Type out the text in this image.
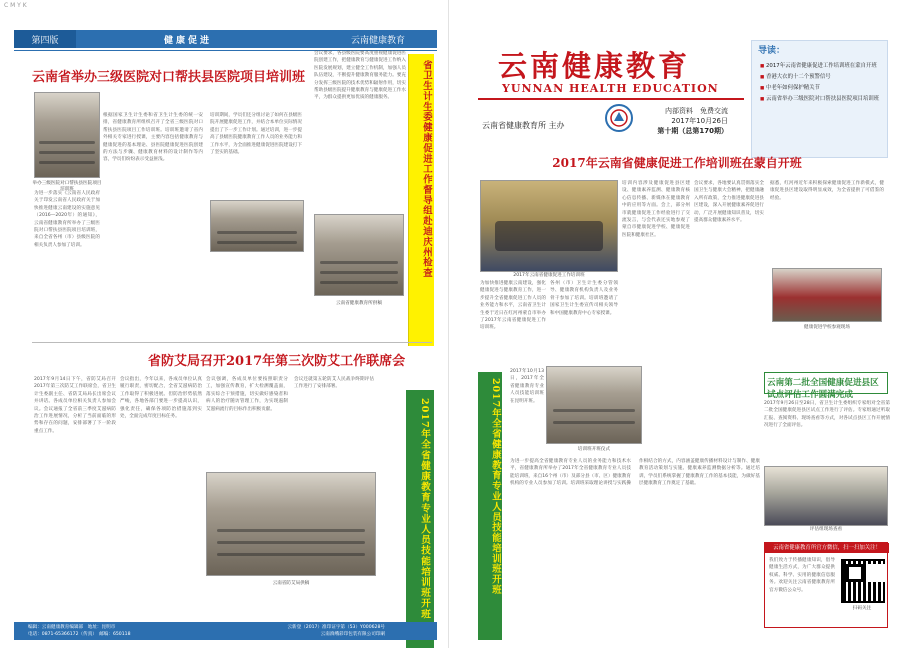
C M Y K
第四版	健康促进	云南健康教育
云南省举办三级医院对口帮扶县医院项目培训班
举办三级医院对口帮扶县医院项目培训班
为进一步落实《云南省人民政府关于印发云南省人民政府关于加快推进健康云南建设的实施意见（2016—2020年）的通知》，云南省健康教育所举办了三级医院对口帮扶县医院项目培训班，来自全省各州（市）县级医院的相关负责人参加了培训。
根据国家卫生计生委和省卫生计生委的统一安排，省健康教育所组织召开了全省三级医院对口帮扶县医院项目工作培训班。培训班邀请了省内外相关专家进行授课，主要内容包括健康教育与健康促进的基本理论、县医院健康促进医院创建的方法与步骤、健康教育材料的设计制作等内容，学员们纷纷表示受益匪浅。
培训期间，学员们还分组讨论了如何在县级医院开展健康促进工作，并结合本单位实际情况提出了下一步工作计划。通过培训，进一步提高了县级医院健康教育工作人员的业务能力和工作水平，为全面推进健康促进医院建设打下了坚实的基础。
会议要求，各县级医院要高度重视健康促进医院创建工作，把健康教育与健康促进工作纳入医院发展规划，建立健全工作机制，加强人员队伍建设，不断提升健康教育服务能力。要充分发挥三级医院的技术优势和辐射作用，切实帮助县级医院提升健康教育与健康促进工作水平，为群众提供更加优质的健康服务。
云南省健康教育所供稿
省卫生计生委健康促进工作督导组赴迪庆州检查
省防艾局召开2017年第三次防艾工作联席会
2017年9月14日下午，省防艾局召开2017年第三次防艾工作联席会，省卫生计生委副主任、省防艾局局长出席会议并讲话。各成员单位相关负责人参加会议。会议通报了全省前三季度艾滋病防治工作进展情况，分析了当前面临的形势和存在的问题，安排部署了下一阶段重点工作。
会议指出，今年以来，各成员单位认真履行职责，密切配合，全省艾滋病防治工作取得了积极进展。但防治形势依然严峻，各地各部门要进一步提高认识，强化责任，确保各项防治措施落到实处，全面完成年度目标任务。
会议强调，各成员单位要按照职责分工，加强宣传教育，扩大检测覆盖面，落实综合干预措施，切实做好感染者和病人的治疗随访管理工作，为实现遏制艾滋病流行的目标作出积极贡献。
会议还就第五轮防艾人民战争终期评估工作进行了安排部署。
云南省防艾局供稿	2017年全省健康教育专业人员技能培训班开班
编辑：云南健康教育编辑部　地址：昆明市
电话：0871-65366172（传真）　邮编：650118
云新登（2017）准印证字第（53）Y000628号
云南滇峨彩印包装有限公司印刷
云南健康教育
YUNNAN HEALTH EDUCATION
云南省健康教育所 主办
内部资料　免费交流
2017年10月26日
第十期（总第170期）
导读：
■ 2017年云南省健康促进工作培训班在蒙自开班
■ 香港大衣的十二个预警信号
■ 中老年如何保护精关节
■ 云南省举办三级医院对口帮扶县医院项目培训班
2017年云南省健康促进工作培训班在蒙自开班
2017年云南省健康促进工作培训班
为加快推进健康云南建设，强化健康促进与健康教育工作，进一步提升全省健康促进工作人员的业务能力和水平，云南省卫生计生委于近日在红河州蒙自市举办了2017年云南省健康促进工作培训班。
各州（市）卫生计生委分管领导、健康教育机构负责人及业务骨干参加了培训。培训班邀请了国家卫生计生委宣传司相关领导和中国健康教育中心专家授课。
培训内容涉及健康促进县区建设、健康素养监测、健康教育核心信息传播、新媒体在健康教育中的应用等方面。会上，部分州市就健康促进工作经验进行了交流发言，与会代表还实地参观了蒙自市健康促进学校、健康促进医院和健康社区。
会议要求，各地要认真贯彻落实全国卫生与健康大会精神，把健康融入所有政策，全力推进健康促进县区建设，深入开展健康素养促进行动，广泛开展健康知识普及，切实提高群众健康素养水平。
据悉，红河州近年来积极探索健康促进工作新模式，健康促进县区建设取得明显成效，为全省提供了可借鉴的经验。
健康促进学校参观现场
2017年全省健康教育专业人员技能培训班开班
2017年10月13日，2017年全省健康教育专业人员技能培训班在昆明开班。
培训班开班仪式
为进一步提高全省健康教育专业人员的业务能力和技术水平，省健康教育所举办了2017年全省健康教育专业人员技能培训班，来自16个州（市）及部分县（市、区）健康教育机构的专业人员参加了培训。培训班采取理论讲授与实践操作相结合的方式，内容涵盖健康传播材料设计与制作、健康教育活动策划与实施、健康素养监测数据分析等。通过培训，学员们系统掌握了健康教育工作的基本技能，为做好基层健康教育工作奠定了基础。
云南第二批全国健康促进县区试点评估工作圆满完成
2017年9月26日至28日，省卫生计生委组织专家组对全省第二批全国健康促进县区试点工作进行了评估。专家组通过听取汇报、查阅资料、现场查看等方式，对各试点县区工作开展情况进行了全面评估。
评估组现场查看
云南省健康教育所官方微信，扫一扫加关注！
我们致力于传播健康知识，倡导健康生活方式，为广大群众提供权威、科学、实用的健康信息服务。欢迎关注云南省健康教育所官方微信公众号。
扫码关注
